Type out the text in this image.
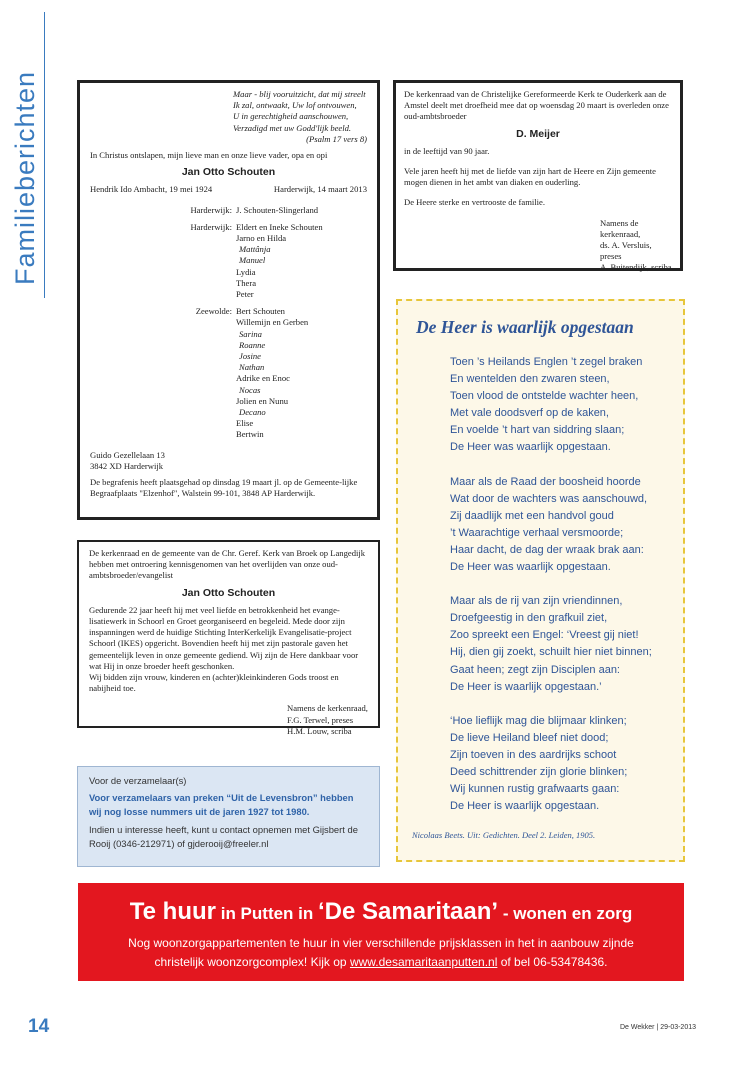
Familieberichten	Maar - blij vooruitzicht, dat mij streelt
Ik zal, ontwaakt, Uw lof ontvouwen,
U in gerechtigheid aanschouwen,
Verzadigd met uw Godd'lijk beeld.
(Psalm 17 vers 8)
In Christus ontslapen, mijn lieve man en onze lieve vader, opa en opi
Jan Otto Schouten
Hendrik Ido Ambacht, 19 mei 1924	Harderwijk, 14 maart 2013
Harderwijk: J. Schouten-Slingerland
Harderwijk: Eldert en Ineke Schouten
Jarno en Hilda
Mattânja
Manuel
Lydia
Thera
Peter
Zeewolde: Bert Schouten
Willemijn en Gerben
Sarina
Roanne
Josine
Nathan
Adrike en Enoc
Nocas
Jolien en Nunu
Decano
Elise
Bertwin
Guido Gezellelaan 13
3842 XD Harderwijk
De begrafenis heeft plaatsgehad op dinsdag 19 maart jl. op de Gemeente-lijke Begraafplaats "Elzenhof", Walstein 99-101, 3848 AP Harderwijk.
De kerkenraad en de gemeente van de Chr. Geref. Kerk van Broek op Langedijk hebben met ontroering kennisgenomen van het overlijden van onze oud-ambtsbroeder/evangelist
Jan Otto Schouten
Gedurende 22 jaar heeft hij met veel liefde en betrokkenheid het evange-lisatiewerk in Schoorl en Groet georganiseerd en begeleid. Mede door zijn inspanningen werd de huidige Stichting InterKerkelijk Evangelisatie-project Schoorl (IKES) opgericht. Bovendien heeft hij met zijn pastorale gaven het gemeentelijk leven in onze gemeente gediend. Wij zijn de Here dankbaar voor wat Hij in onze broeder heeft geschonken.
Wij bidden zijn vrouw, kinderen en (achter)kleinkinderen Gods troost en nabijheid toe.
Namens de kerkenraad,
F.G. Terwel, preses
H.M. Louw, scriba
De kerkenraad van de Christelijke Gereformeerde Kerk te Ouderkerk aan de Amstel deelt met droefheid mee dat op woensdag 20 maart is overleden onze oud-ambtsbroeder
D. Meijer
in de leeftijd van 90 jaar.
Vele jaren heeft hij met de liefde van zijn hart de Heere en Zijn gemeente mogen dienen in het ambt van diaken en ouderling.
De Heere sterke en vertrooste de familie.
Namens de kerkenraad,
ds. A. Versluis, preses
A. Buitendijk, scriba
Voor de verzamelaar(s)
Voor verzamelaars van preken “Uit de Levensbron” hebben wij nog losse nummers uit de jaren 1927 tot 1980.
Indien u interesse heeft, kunt u contact opnemen met Gijsbert de Rooij (0346-212971) of gjderooij@freeler.nl
De Heer is waarlijk opgestaan
Toen ’s Heilands Englen ’t zegel braken
En wentelden den zwaren steen,
Toen vlood de ontstelde wachter heen,
Met vale doodsverf op de kaken,
En voelde ’t hart van siddring slaan;
De Heer was waarlijk opgestaan.
Maar als de Raad der boosheid hoorde
Wat door de wachters was aanschouwd,
Zij daadlijk met een handvol goud
’t Waarachtige verhaal versmoorde;
Haar dacht, de dag der wraak brak aan:
De Heer was waarlijk opgestaan.
Maar als de rij van zijn vriendinnen,
Droefgeestig in den grafkuil ziet,
Zoo spreekt een Engel: ‘Vreest gij niet!
Hij, dien gij zoekt, schuilt hier niet binnen;
Gaat heen; zegt zijn Disciplen aan:
De Heer is waarlijk opgestaan.’
‘Hoe lieflijk mag die blijmaar klinken;
De lieve Heiland bleef niet dood;
Zijn toeven in des aardrijks schoot
Deed schittrender zijn glorie blinken;
Wij kunnen rustig grafwaarts gaan:
De Heer is waarlijk opgestaan.
Nicolaas Beets. Uit: Gedichten. Deel 2. Leiden, 1905.
Te huur in Putten in ‘De Samaritaan’ - wonen en zorg
Nog woonzorgappartementen te huur in vier verschillende prijsklassen in het in aanbouw zijnde
christelijk woonzorgcomplex! Kijk op www.desamaritaanputten.nl of bel 06-53478436.
14	De Wekker | 29-03-2013
